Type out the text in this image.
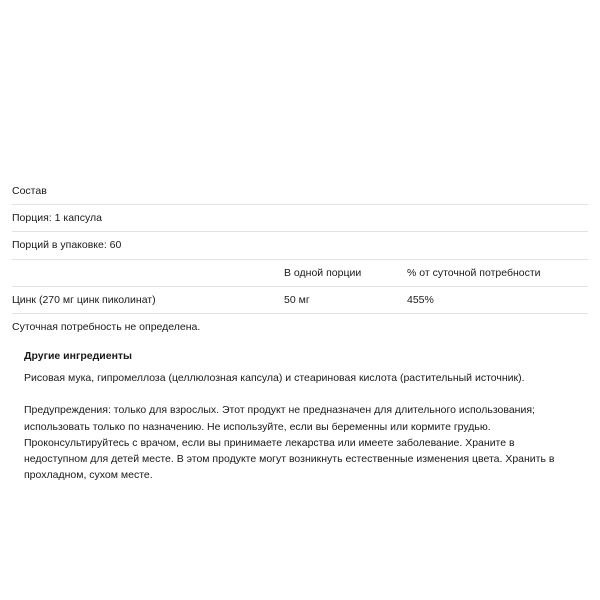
Состав		
Порция: 1 капсула		
Порций в упаковке: 60		
	В одной порции	% от суточной потребности
Цинк (270 мг цинк пиколинат)	50 мг	455%
Суточная потребность не определена.		

Другие ингредиенты

Рисовая мука, гипромеллоза (целлюлозная капсула) и стеариновая кислота (растительный источник).

Предупреждения: только для взрослых. Этот продукт не предназначен для длительного использования; использовать только по назначению. Не используйте, если вы беременны или кормите грудью. Проконсультируйтесь с врачом, если вы принимаете лекарства или имеете заболевание. Храните в недоступном для детей месте. В этом продукте могут возникнуть естественные изменения цвета. Хранить в прохладном, сухом месте.
